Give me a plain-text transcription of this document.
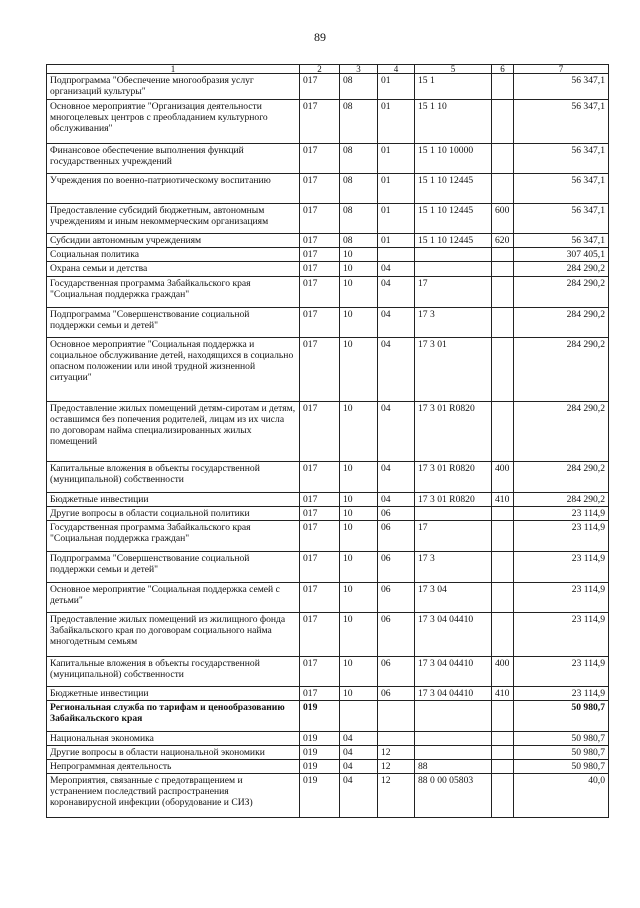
89
1	2	3	4	5	6	7
Подпрограмма "Обеспечение многообразия услуг организаций культуры"	017	08	01	15 1		56 347,1
Основное мероприятие "Организация деятельности многоцелевых центров с преобладанием культурного обслуживания"	017	08	01	15 1 10		56 347,1
Финансовое обеспечение выполнения функций государственных учреждений	017	08	01	15 1 10 10000		56 347,1
Учреждения по военно-патриотическому воспитанию	017	08	01	15 1 10 12445		56 347,1
Предоставление субсидий бюджетным, автономным учреждениям и иным некоммерческим организациям	017	08	01	15 1 10 12445	600	56 347,1
Субсидии автономным учреждениям	017	08	01	15 1 10 12445	620	56 347,1
Социальная политика	017	10				307 405,1
Охрана семьи и детства	017	10	04			284 290,2
Государственная программа Забайкальского края "Социальная поддержка граждан"	017	10	04	17		284 290,2
Подпрограмма "Совершенствование социальной поддержки семьи и детей"	017	10	04	17 3		284 290,2
Основное мероприятие "Социальная поддержка и социальное обслуживание детей, находящихся в социально опасном положении или иной трудной жизненной ситуации"	017	10	04	17 3 01		284 290,2
Предоставление жилых помещений детям-сиротам и детям, оставшимся без попечения родителей, лицам из их числа по договорам найма специализированных жилых помещений	017	10	04	17 3 01 R0820		284 290,2
Капитальные вложения в объекты государственной (муниципальной) собственности	017	10	04	17 3 01 R0820	400	284 290,2
Бюджетные инвестиции	017	10	04	17 3 01 R0820	410	284 290,2
Другие вопросы в области социальной политики	017	10	06			23 114,9
Государственная программа Забайкальского края "Социальная поддержка граждан"	017	10	06	17		23 114,9
Подпрограмма "Совершенствование социальной поддержки семьи и детей"	017	10	06	17 3		23 114,9
Основное мероприятие "Социальная поддержка семей с детьми"	017	10	06	17 3 04		23 114,9
Предоставление жилых помещений из жилищного фонда Забайкальского края по договорам социального найма многодетным семьям	017	10	06	17 3 04 04410		23 114,9
Капитальные вложения в объекты государственной (муниципальной) собственности	017	10	06	17 3 04 04410	400	23 114,9
Бюджетные инвестиции	017	10	06	17 3 04 04410	410	23 114,9
Региональная служба по тарифам и ценообразованию Забайкальского края	019					50 980,7
Национальная экономика	019	04				50 980,7
Другие вопросы в области национальной экономики	019	04	12			50 980,7
Непрограммная деятельность	019	04	12	88		50 980,7
Мероприятия, связанные с предотвращением и устранением последствий распространения коронавирусной инфекции (оборудование и СИЗ)	019	04	12	88 0 00 05803		40,0
